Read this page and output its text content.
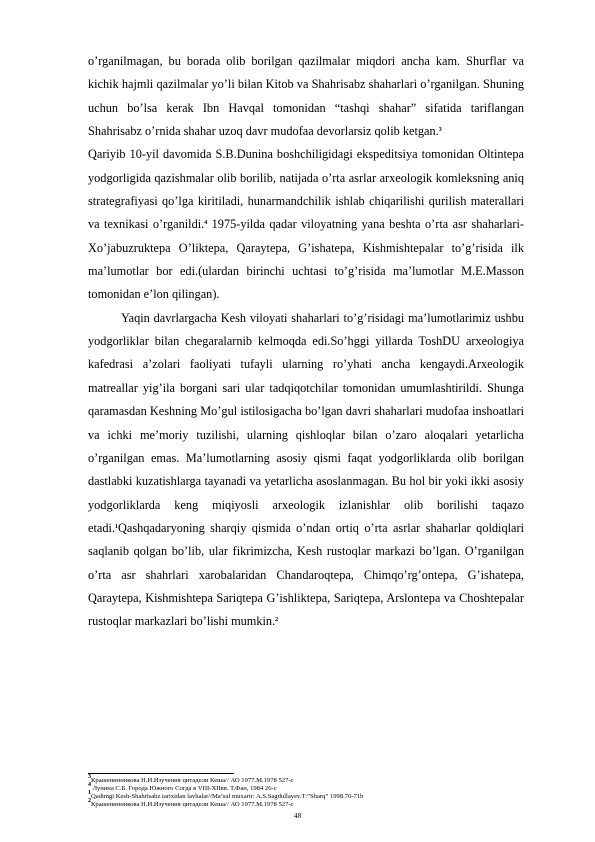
o’rganilmagan, bu borada olib borilgan qazilmalar miqdori ancha kam. Shurflar va kichik hajmli qazilmalar yo’li bilan Kitob va Shahrisabz shaharlari o’rganilgan. Shuning uchun bo’lsa kerak Ibn Havqal tomonidan “tashqi shahar” sifatida tariflangan Shahrisabz o’rnida shahar uzoq davr mudofaa devorlarsiz qolib ketgan.$^3$

Qariyib 10-yil davomida S.B.Dunina boshchiligidagi ekspeditsiya tomonidan Oltintepa yodgorligida qazishmalar olib borilib, natijada o’rta asrlar arxeologik komleksning aniq strategrafiyasi qo’lga kiritiladi, hunarmandchilik ishlab chiqarilishi qurilish materallari va texnikasi o’rganildi.$^4$ 1975-yilda qadar viloyatning yana beshta o’rta asr shaharlari-Xo’jabuzruktepa O’liktepa, Qaraytepa, G’ishatepa, Kishmishtepalar to’g’risida ilk ma’lumotlar bor edi.(ulardan birinchi uchtasi to’g’risida ma’lumotlar M.E.Masson tomonidan e’lon qilingan).

Yaqin davrlargacha Kesh viloyati shaharlari to’g’risidagi ma’lumotlarimiz ushbu yodgorliklar bilan chegaralarnib kelmoqda edi.So’hggi yillarda ToshDU arxeologiya kafedrasi a’zolari faoliyati tufayli ularning ro’yhati ancha kengaydi.Arxeologik matreallar yig’ila borgani sari ular tadqiqotchilar tomonidan umumlashtirildi. Shunga qaramasdan Keshning Mo’gul istilosigacha bo’lgan davri shaharlari mudofaa inshoatlari va ichki me’moriy tuzilishi, ularning qishloqlar bilan o’zaro aloqalari yetarlicha o’rganilgan emas. Ma’lumotlarning asosiy qismi faqat yodgorliklarda olib borilgan dastlabki kuzatishlarga tayanadi va yetarlicha asoslanmagan. Bu hol bir yoki ikki asosiy yodgorliklarda keng miqiyosli arxeologik izlanishlar olib borilishi taqazo etadi.$^1$Qashqadaryoning sharqiy qismida o’ndan ortiq o’rta asrlar shaharlar qoldiqlari saqlanib qolgan bo’lib, ular fikrimizcha, Kesh rustoqlar markazi bo’lgan. O’rganilgan o’rta asr shahrlari xarobalaridan Chandaroqtepa, Chimqo’rg’ontepa, G’ishatepa, Qaraytepa, Kishmishtepa Sariqtepa G’ishliktepa, Sariqtepa, Arslontepa va Choshtepalar rustoqlar markazlari bo’lishi mumkin.$^2$

$^3$Крашенинникова Н.И.Изучения цитадели Кеша// АО 1977.М.1978 527-с
$^4$ Лунина С.Б. Города Южного Согда в VIII-XIIвв. Т.Фан, 1984 26-с
$^1$Qadimgi Kesh-Shahrisabz tarixidan lavhalar//Ma’sul muxarir: A.S.Sagdullayev.T:”Sharq” 1998.70-71b
$^2$Крашенинникова Н.И.Изучения цитадели Кеша// АО 1977.М.1978 527-с
48
